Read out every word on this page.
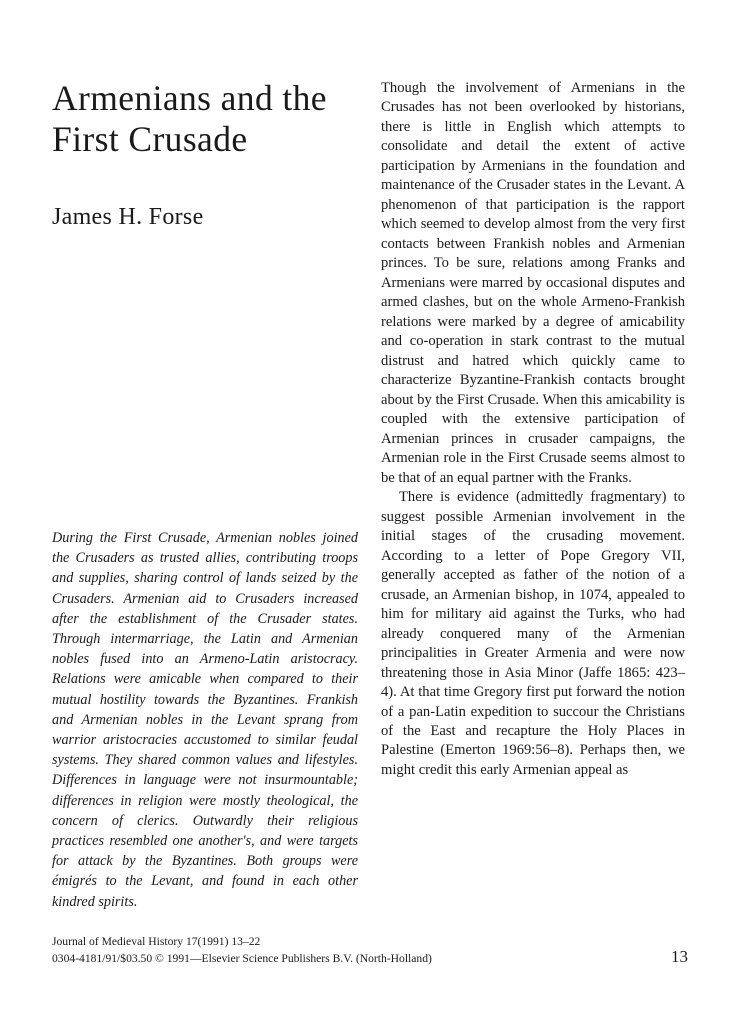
Armenians and the First Crusade
James H. Forse

During the First Crusade, Armenian nobles joined the Crusaders as trusted allies, contributing troops and supplies, sharing control of lands seized by the Crusaders. Armenian aid to Crusaders increased after the establishment of the Crusader states. Through intermarriage, the Latin and Armenian nobles fused into an Armeno-Latin aristocracy. Relations were amicable when compared to their mutual hostility towards the Byzantines. Frankish and Armenian nobles in the Levant sprang from warrior aristocracies accustomed to similar feudal systems. They shared common values and lifestyles. Differences in language were not insurmountable; differences in religion were mostly theological, the concern of clerics. Outwardly their religious practices resembled one another's, and were targets for attack by the Byzantines. Both groups were émigrés to the Levant, and found in each other kindred spirits.

Though the involvement of Armenians in the Crusades has not been overlooked by historians, there is little in English which attempts to consolidate and detail the extent of active participation by Armenians in the foundation and maintenance of the Crusader states in the Levant. A phenomenon of that participation is the rapport which seemed to develop almost from the very first contacts between Frankish nobles and Armenian princes. To be sure, relations among Franks and Armenians were marred by occasional disputes and armed clashes, but on the whole Armeno-Frankish relations were marked by a degree of amicability and co-operation in stark contrast to the mutual distrust and hatred which quickly came to characterize Byzantine-Frankish contacts brought about by the First Crusade. When this amicability is coupled with the extensive participation of Armenian princes in crusader campaigns, the Armenian role in the First Crusade seems almost to be that of an equal partner with the Franks.

There is evidence (admittedly fragmentary) to suggest possible Armenian involvement in the initial stages of the crusading movement. According to a letter of Pope Gregory VII, generally accepted as father of the notion of a crusade, an Armenian bishop, in 1074, appealed to him for military aid against the Turks, who had already conquered many of the Armenian principalities in Greater Armenia and were now threatening those in Asia Minor (Jaffe 1865: 423–4). At that time Gregory first put forward the notion of a pan-Latin expedition to succour the Christians of the East and recapture the Holy Places in Palestine (Emerton 1969:56–8). Perhaps then, we might credit this early Armenian appeal as

Journal of Medieval History 17(1991) 13–22
0304-4181/91/$03.50 © 1991—Elsevier Science Publishers B.V. (North-Holland)	13
